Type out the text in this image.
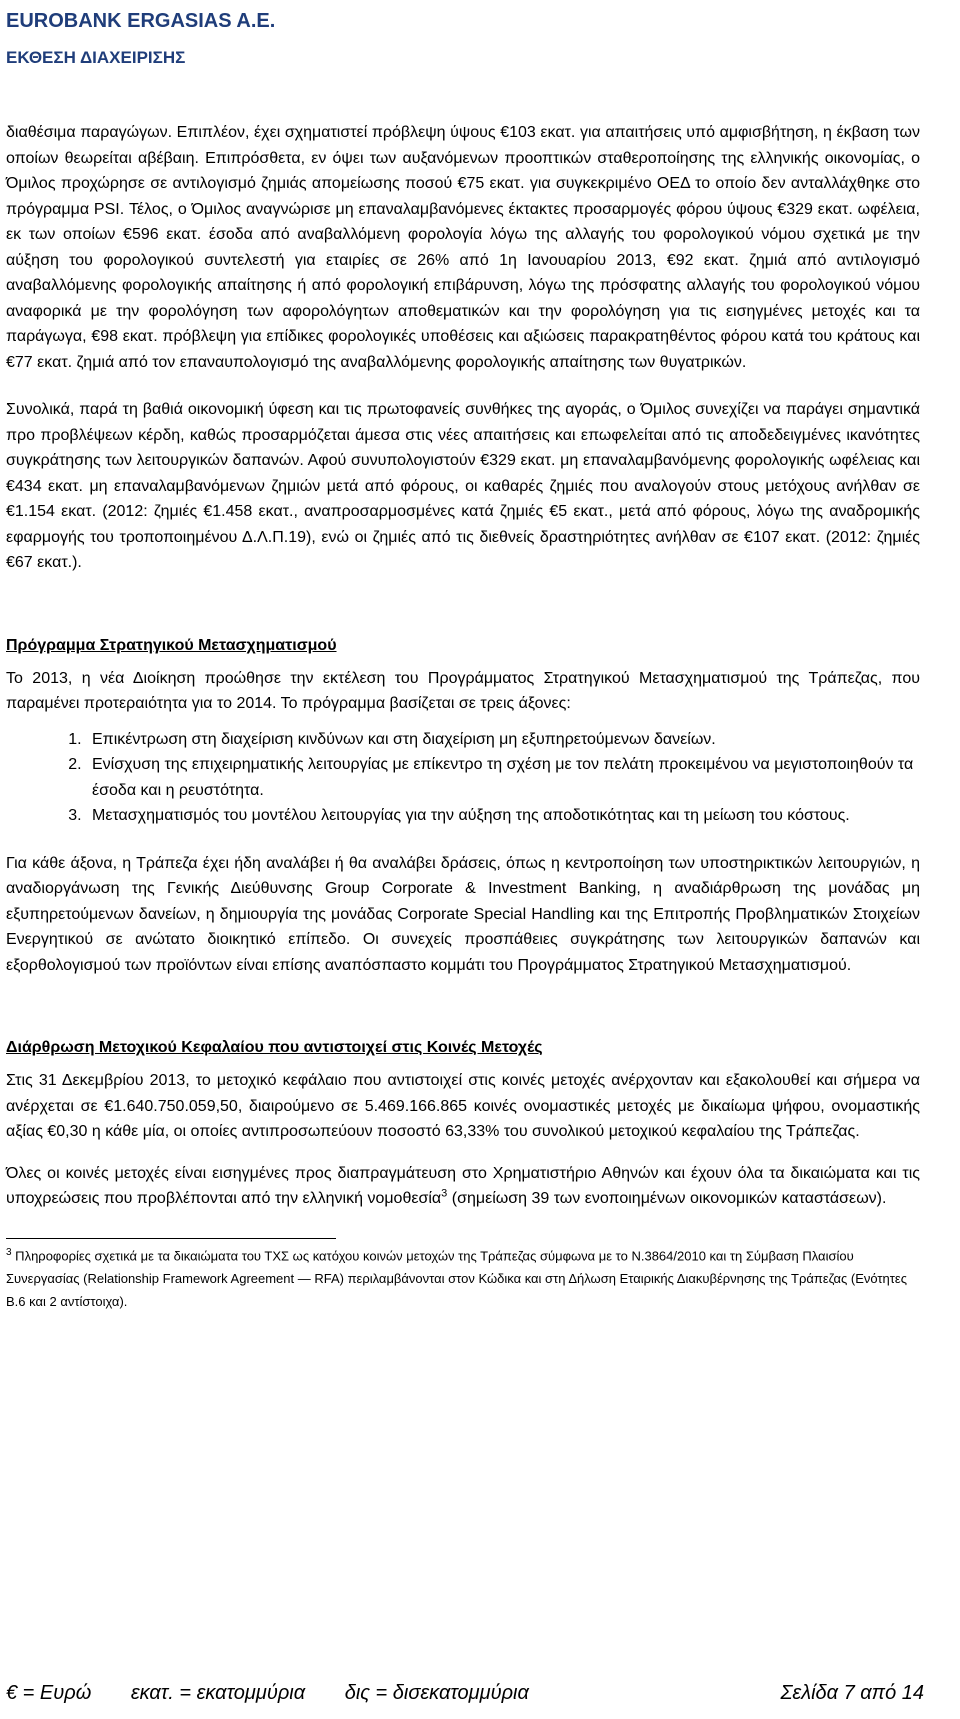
EUROBANK ERGASIAS A.E.

ΕΚΘΕΣΗ ΔΙΑΧΕΙΡΙΣΗΣ

διαθέσιμα παραγώγων. Επιπλέον, έχει σχηματιστεί πρόβλεψη ύψους €103 εκατ. για απαιτήσεις υπό αμφισβήτηση, η έκβαση των οποίων θεωρείται αβέβαιη. Επιπρόσθετα, εν όψει των αυξανόμενων προοπτικών σταθεροποίησης της ελληνικής οικονομίας, ο Όμιλος προχώρησε σε αντιλογισμό ζημιάς απομείωσης ποσού €75 εκατ. για συγκεκριμένο ΟΕΔ το οποίο δεν ανταλλάχθηκε στο πρόγραμμα PSI. Τέλος, ο Όμιλος αναγνώρισε μη επαναλαμβανόμενες έκτακτες προσαρμογές φόρου ύψους €329 εκατ. ωφέλεια, εκ των οποίων €596 εκατ. έσοδα από αναβαλλόμενη φορολογία λόγω της αλλαγής του φορολογικού νόμου σχετικά με την αύξηση του φορολογικού συντελεστή για εταιρίες σε 26% από 1η Ιανουαρίου 2013, €92 εκατ. ζημιά από αντιλογισμό αναβαλλόμενης φορολογικής απαίτησης ή από φορολογική επιβάρυνση, λόγω της πρόσφατης αλλαγής του φορολογικού νόμου αναφορικά με την φορολόγηση των αφορολόγητων αποθεματικών και την φορολόγηση για τις εισηγμένες μετοχές και τα παράγωγα, €98 εκατ. πρόβλεψη για επίδικες φορολογικές υποθέσεις και αξιώσεις παρακρατηθέντος φόρου κατά του κράτους και €77 εκατ. ζημιά από τον επαναυπολογισμό της αναβαλλόμενης φορολογικής απαίτησης των θυγατρικών.

Συνολικά, παρά τη βαθιά οικονομική ύφεση και τις πρωτοφανείς συνθήκες της αγοράς, ο Όμιλος συνεχίζει να παράγει σημαντικά προ προβλέψεων κέρδη, καθώς προσαρμόζεται άμεσα στις νέες απαιτήσεις και επωφελείται από τις αποδεδειγμένες ικανότητες συγκράτησης των λειτουργικών δαπανών. Αφού συνυπολογιστούν €329 εκατ. μη επαναλαμβανόμενης φορολογικής ωφέλειας και €434 εκατ. μη επαναλαμβανόμενων ζημιών μετά από φόρους, οι καθαρές ζημιές που αναλογούν στους μετόχους ανήλθαν σε €1.154 εκατ. (2012: ζημιές €1.458 εκατ., αναπροσαρμοσμένες κατά ζημιές €5 εκατ., μετά από φόρους, λόγω της αναδρομικής εφαρμογής του τροποποιημένου Δ.Λ.Π.19), ενώ οι ζημιές από τις διεθνείς δραστηριότητες ανήλθαν σε €107 εκατ. (2012: ζημιές €67 εκατ.).

Πρόγραμμα Στρατηγικού Μετασχηματισμού

Το 2013, η νέα Διοίκηση προώθησε την εκτέλεση του Προγράμματος Στρατηγικού Μετασχηματισμού της Τράπεζας, που παραμένει προτεραιότητα για το 2014. Το πρόγραμμα βασίζεται σε τρεις άξονες:

1. Επικέντρωση στη διαχείριση κινδύνων και στη διαχείριση μη εξυπηρετούμενων δανείων.
2. Ενίσχυση της επιχειρηματικής λειτουργίας με επίκεντρο τη σχέση με τον πελάτη προκειμένου να μεγιστοποιηθούν τα έσοδα και η ρευστότητα.
3. Μετασχηματισμός του μοντέλου λειτουργίας για την αύξηση της αποδοτικότητας και τη μείωση του κόστους.

Για κάθε άξονα, η Τράπεζα έχει ήδη αναλάβει ή θα αναλάβει δράσεις, όπως η κεντροποίηση των υποστηρικτικών λειτουργιών, η αναδιοργάνωση της Γενικής Διεύθυνσης Group Corporate & Investment Banking, η αναδιάρθρωση της μονάδας μη εξυπηρετούμενων δανείων, η δημιουργία της μονάδας Corporate Special Handling και της Επιτροπής Προβληματικών Στοιχείων Ενεργητικού σε ανώτατο διοικητικό επίπεδο. Οι συνεχείς προσπάθειες συγκράτησης των λειτουργικών δαπανών και εξορθολογισμού των προϊόντων είναι επίσης αναπόσπαστο κομμάτι του Προγράμματος Στρατηγικού Μετασχηματισμού.

Διάρθρωση Μετοχικού Κεφαλαίου που αντιστοιχεί στις Κοινές Μετοχές

Στις 31 Δεκεμβρίου 2013, το μετοχικό κεφάλαιο που αντιστοιχεί στις κοινές μετοχές ανέρχονταν και εξακολουθεί και σήμερα να ανέρχεται σε €1.640.750.059,50, διαιρούμενο σε 5.469.166.865 κοινές ονομαστικές μετοχές με δικαίωμα ψήφου, ονομαστικής αξίας €0,30 η κάθε μία, οι οποίες αντιπροσωπεύουν ποσοστό 63,33% του συνολικού μετοχικού κεφαλαίου της Τράπεζας.

Όλες οι κοινές μετοχές είναι εισηγμένες προς διαπραγμάτευση στο Χρηματιστήριο Αθηνών και έχουν όλα τα δικαιώματα και τις υποχρεώσεις που προβλέπονται από την ελληνική νομοθεσία$^3$ (σημείωση 39 των ενοποιημένων οικονομικών καταστάσεων).

$^3$ Πληροφορίες σχετικά με τα δικαιώματα του ΤΧΣ ως κατόχου κοινών μετοχών της Τράπεζας σύμφωνα με το Ν.3864/2010 και τη Σύμβαση Πλαισίου Συνεργασίας (Relationship Framework Agreement — RFA) περιλαμβάνονται στον Κώδικα και στη Δήλωση Εταιρικής Διακυβέρνησης της Τράπεζας (Ενότητες Β.6 και 2 αντίστοιχα).

€ = Ευρώ εκατ. = εκατομμύρια δις = δισεκατομμύρια	Σελίδα 7 από 14
